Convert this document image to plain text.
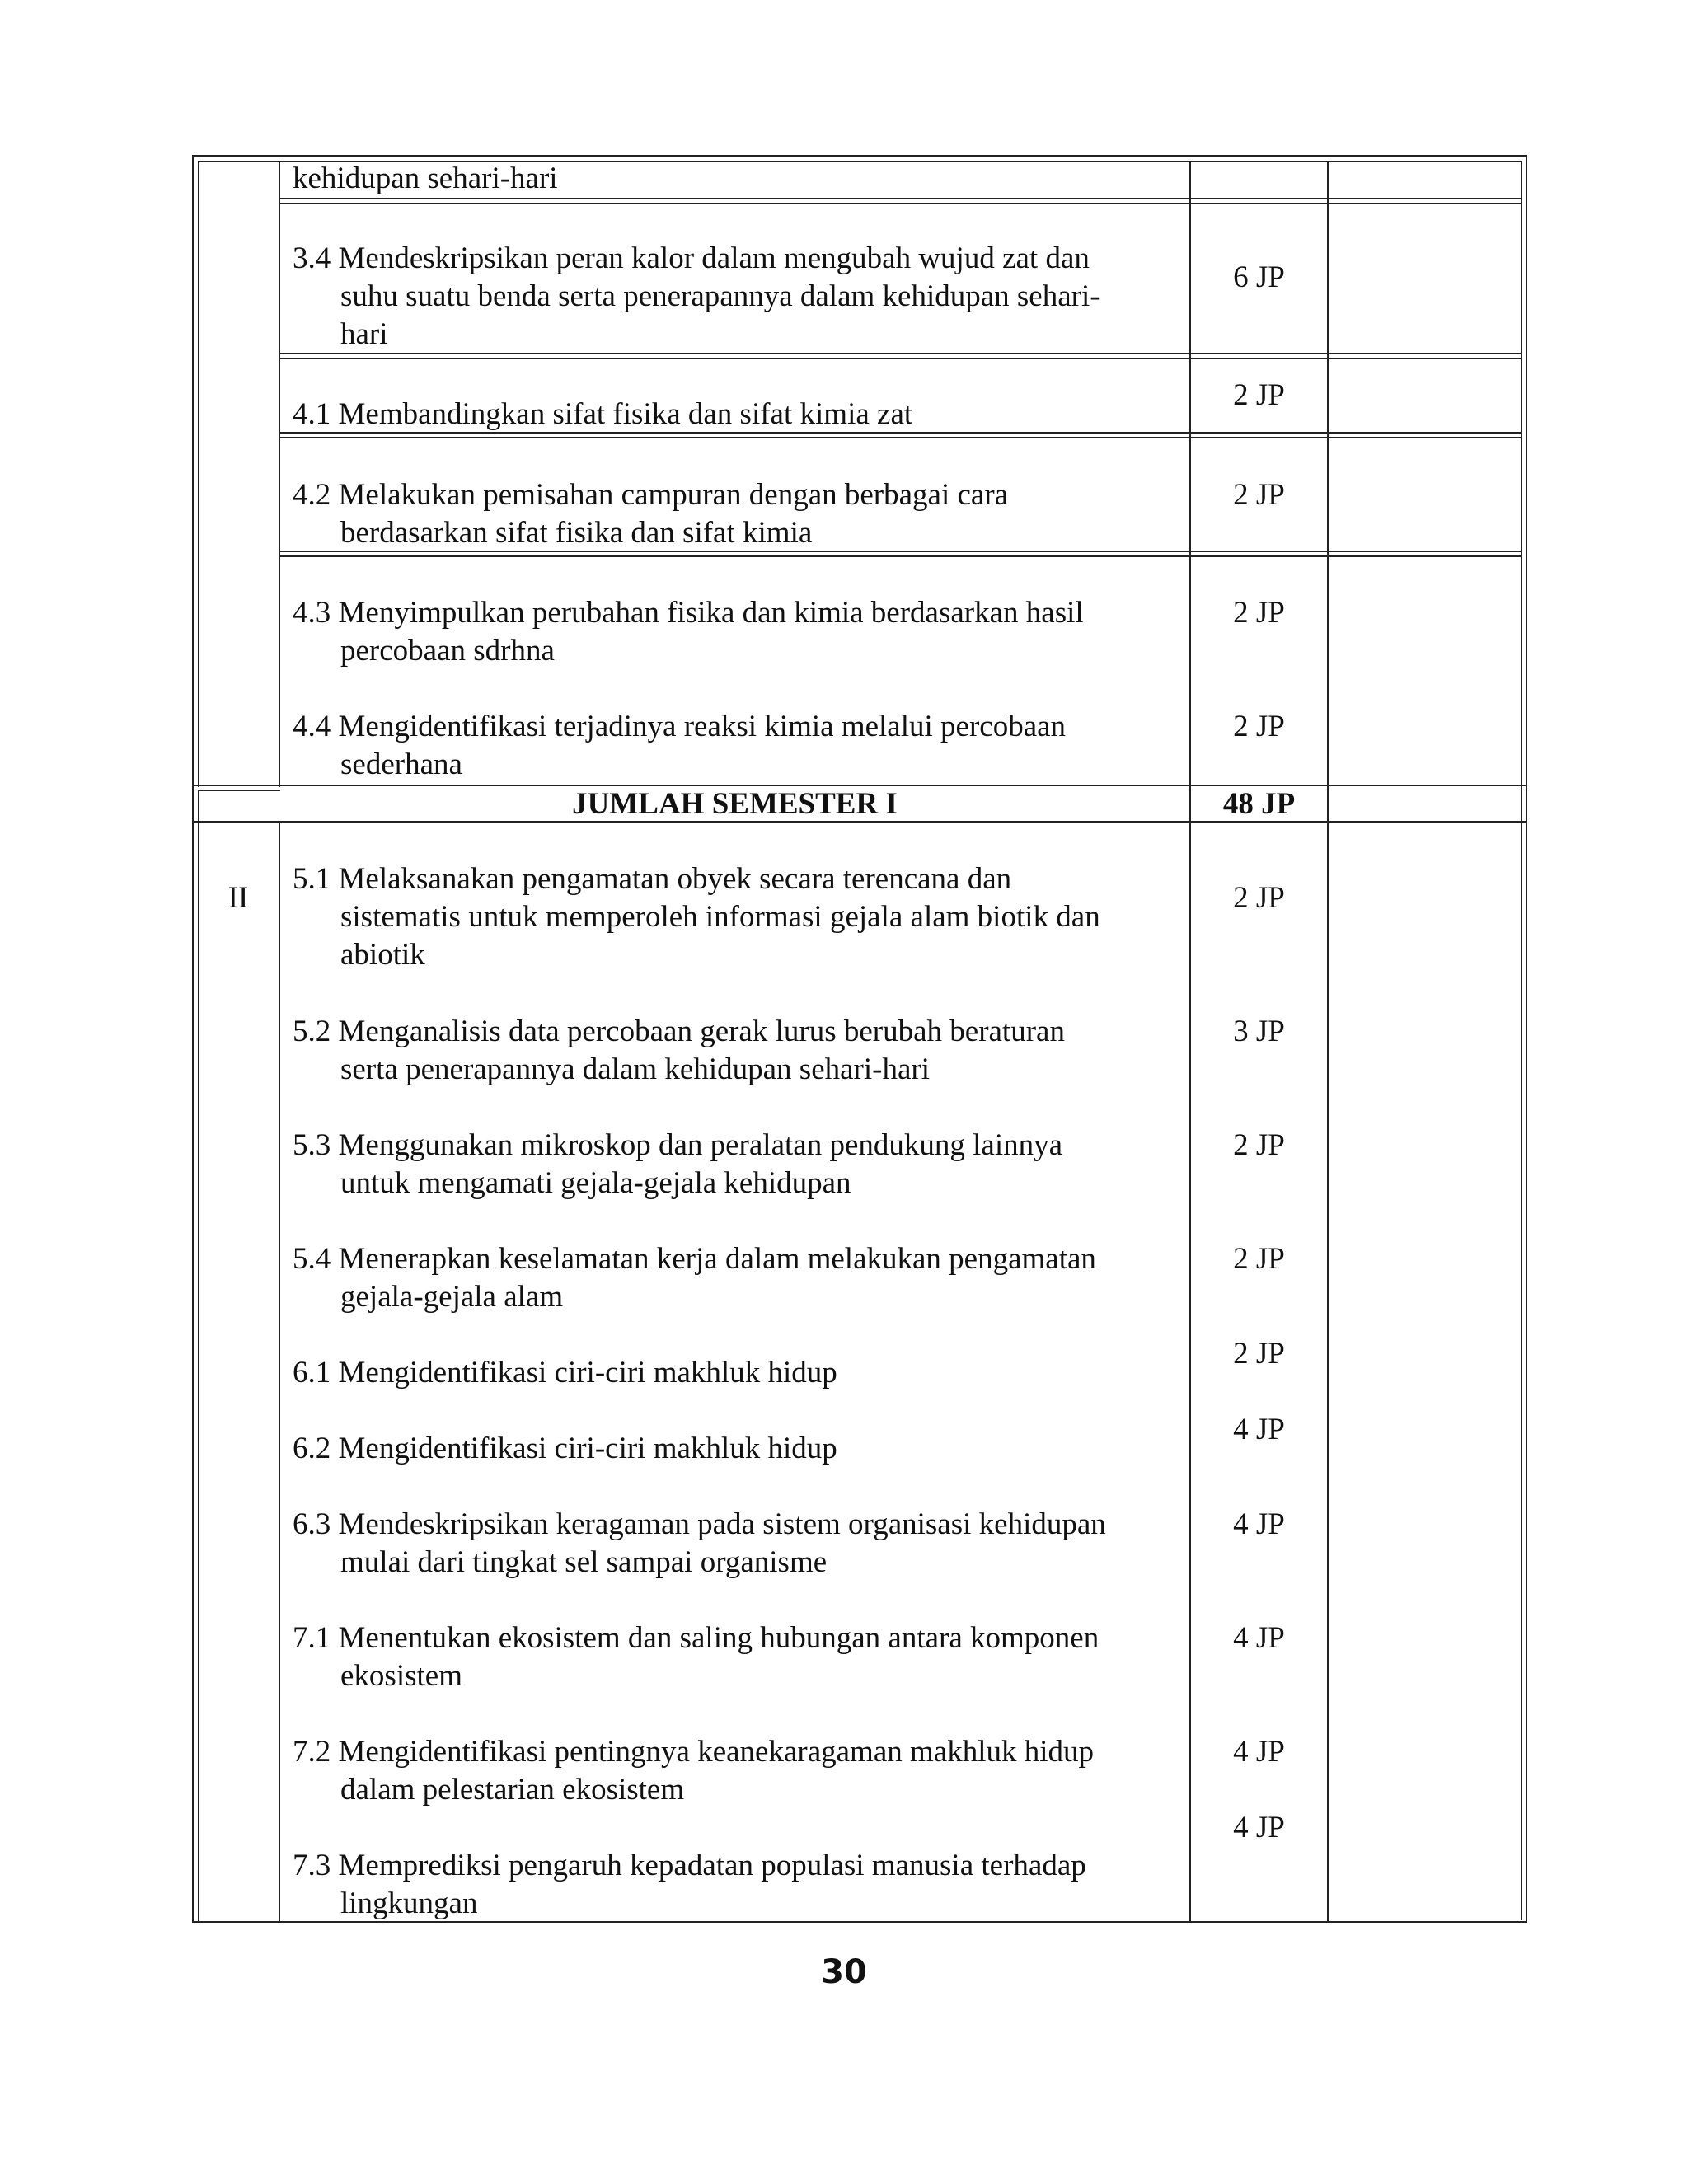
kehidupan sehari-hari
3.4 Mendeskripsikan peran kalor dalam mengubah wujud zat dan
suhu suatu benda serta penerapannya dalam kehidupan sehari-
hari
6 JP
4.1 Membandingkan sifat fisika dan sifat kimia zat
2 JP
4.2 Melakukan pemisahan campuran dengan berbagai cara
berdasarkan sifat fisika dan sifat kimia
2 JP
4.3 Menyimpulkan perubahan fisika dan kimia berdasarkan hasil
percobaan sdrhna
2 JP
4.4 Mengidentifikasi terjadinya reaksi kimia melalui percobaan
sederhana
2 JP
JUMLAH SEMESTER I	48 JP
II
5.1 Melaksanakan pengamatan obyek secara terencana dan
sistematis untuk memperoleh informasi gejala alam biotik dan
abiotik
2 JP
5.2 Menganalisis data percobaan gerak lurus berubah beraturan
serta penerapannya dalam kehidupan sehari-hari
3 JP
5.3 Menggunakan mikroskop dan peralatan pendukung lainnya
untuk mengamati gejala-gejala kehidupan
2 JP
5.4 Menerapkan keselamatan kerja dalam melakukan pengamatan
gejala-gejala alam
2 JP
6.1 Mengidentifikasi ciri-ciri makhluk hidup
2 JP
6.2 Mengidentifikasi ciri-ciri makhluk hidup
4 JP
6.3 Mendeskripsikan keragaman pada sistem organisasi kehidupan
mulai dari tingkat sel sampai organisme
4 JP
7.1 Menentukan ekosistem dan saling hubungan antara komponen
ekosistem
4 JP
7.2 Mengidentifikasi pentingnya keanekaragaman makhluk hidup
dalam pelestarian ekosistem
4 JP
7.3 Memprediksi pengaruh kepadatan populasi manusia terhadap
lingkungan
4 JP
30
